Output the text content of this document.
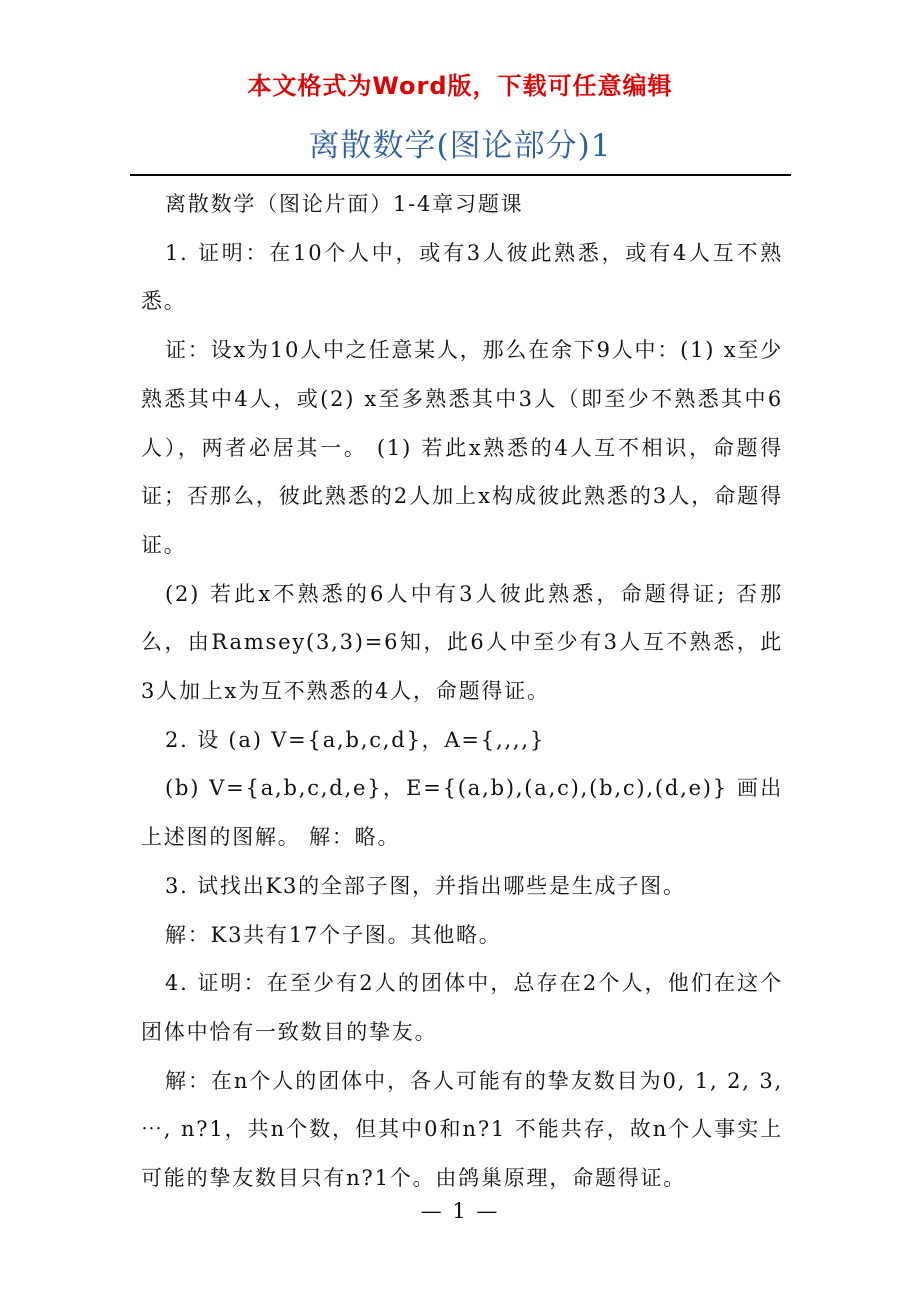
本文格式为Word版，下载可任意编辑
离散数学(图论部分)1

离散数学（图论片面）1-4章习题课

1. 证明：在10个人中，或有3人彼此熟悉，或有4人互不熟悉。

证：设x为10人中之任意某人，那么在余下9人中：(1) x至少熟悉其中4人，或(2) x至多熟悉其中3人（即至少不熟悉其中6人），两者必居其一。 (1) 若此x熟悉的4人互不相识，命题得证；否那么，彼此熟悉的2人加上x构成彼此熟悉的3人，命题得证。

(2) 若此x不熟悉的6人中有3人彼此熟悉，命题得证; 否那么，由Ramsey(3,3)=6知，此6人中至少有3人互不熟悉，此3人加上x为互不熟悉的4人，命题得证。

2. 设 (a) V={a,b,c,d}，A={,,,,}

(b) V={a,b,c,d,e}，E={(a,b),(a,c),(b,c),(d,e)} 画出上述图的图解。 解：略。

3. 试找出K3的全部子图，并指出哪些是生成子图。

解：K3共有17个子图。其他略。

4. 证明：在至少有2人的团体中，总存在2个人，他们在这个团体中恰有一致数目的挚友。

解：在n个人的团体中，各人可能有的挚友数目为0, 1, 2, 3, ⋯, n?1，共n个数，但其中0和n?1 不能共存，故n个人事实上可能的挚友数目只有n?1个。由鸽巢原理，命题得证。

— 1 —
